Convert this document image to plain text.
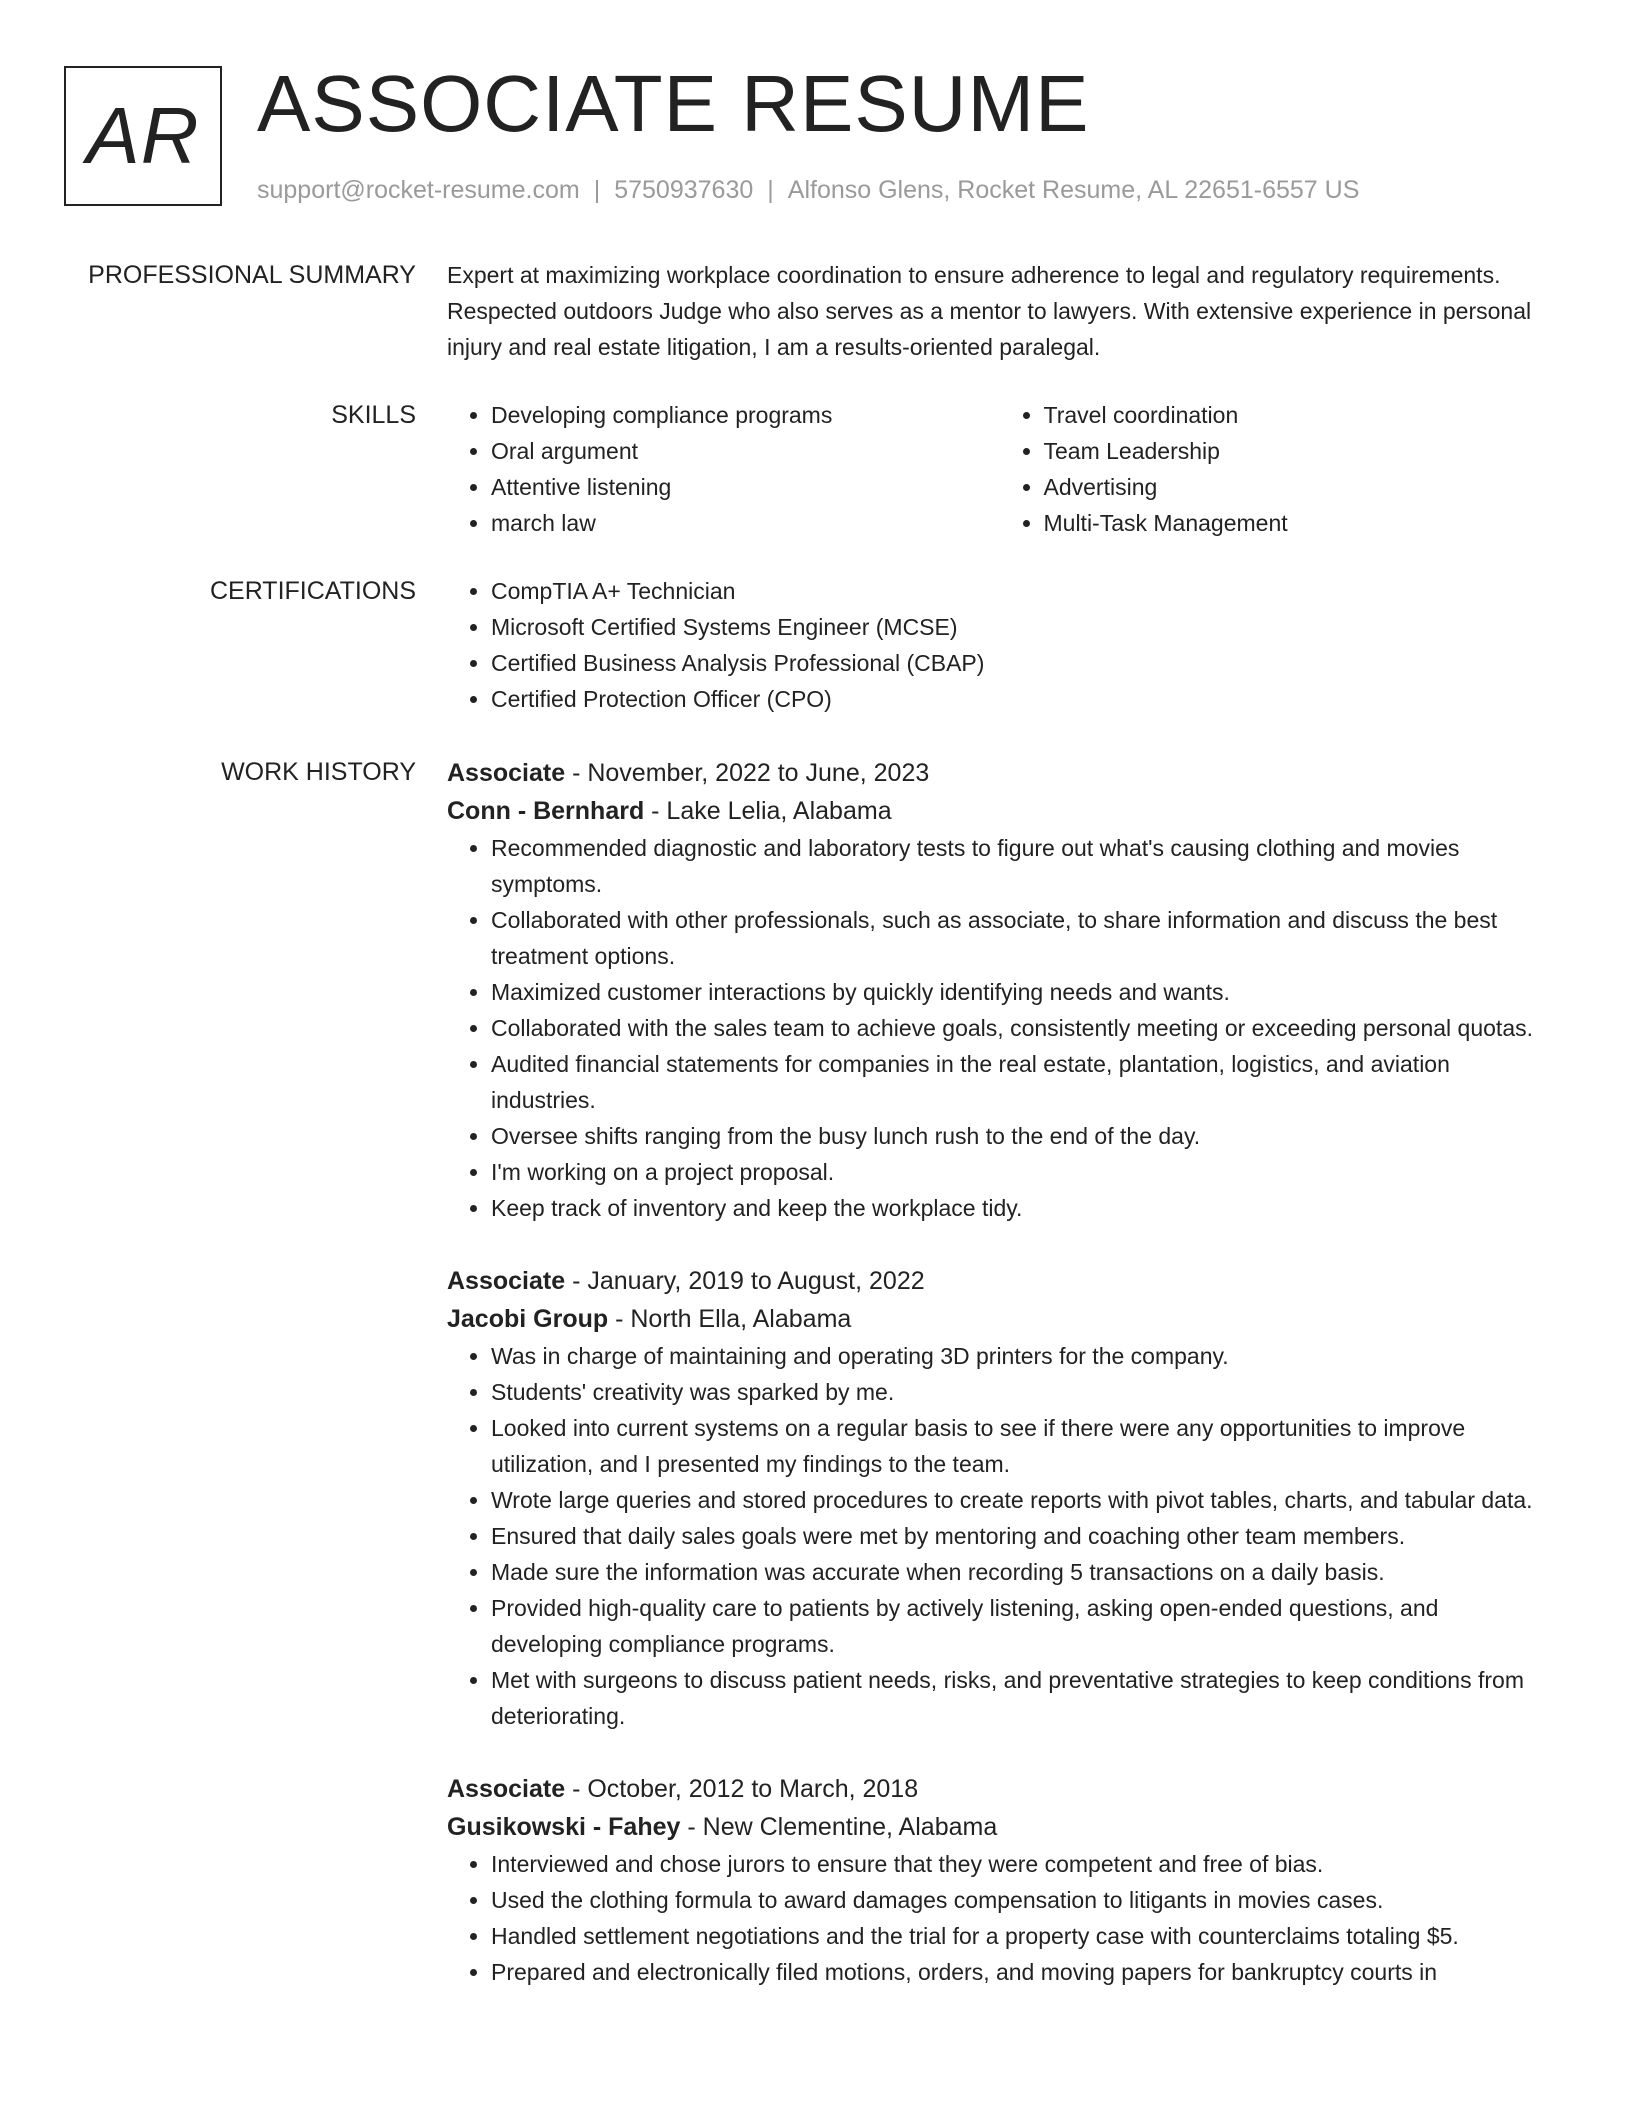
AR ASSOCIATE RESUME
support@rocket-resume.com | 5750937630 | Alfonso Glens, Rocket Resume, AL 22651-6557 US
PROFESSIONAL SUMMARY Expert at maximizing workplace coordination to ensure adherence to legal and regulatory requirements. Respected outdoors Judge who also serves as a mentor to lawyers. With extensive experience in personal injury and real estate litigation, I am a results-oriented paralegal.

SKILLS	• Developing compliance programs
• Oral argument
• Attentive listening
• march law
• Travel coordination
• Team Leadership
• Advertising
• Multi-Task Management
CERTIFICATIONS	• CompTIA A+ Technician
• Microsoft Certified Systems Engineer (MCSE)
• Certified Business Analysis Professional (CBAP)
• Certified Protection Officer (CPO)
WORK HISTORY Associate - November, 2022 to June, 2023
Conn - Bernhard - Lake Lelia, Alabama
• Recommended diagnostic and laboratory tests to figure out what's causing clothing and movies symptoms.
• Collaborated with other professionals, such as associate, to share information and discuss the best treatment options.
• Maximized customer interactions by quickly identifying needs and wants.
• Collaborated with the sales team to achieve goals, consistently meeting or exceeding personal quotas.
• Audited financial statements for companies in the real estate, plantation, logistics, and aviation industries.
• Oversee shifts ranging from the busy lunch rush to the end of the day.
• I'm working on a project proposal.
• Keep track of inventory and keep the workplace tidy.
Associate - January, 2019 to August, 2022
Jacobi Group - North Ella, Alabama
• Was in charge of maintaining and operating 3D printers for the company.
• Students' creativity was sparked by me.
• Looked into current systems on a regular basis to see if there were any opportunities to improve utilization, and I presented my findings to the team.
• Wrote large queries and stored procedures to create reports with pivot tables, charts, and tabular data.
• Ensured that daily sales goals were met by mentoring and coaching other team members.
• Made sure the information was accurate when recording 5 transactions on a daily basis.
• Provided high-quality care to patients by actively listening, asking open-ended questions, and developing compliance programs.
• Met with surgeons to discuss patient needs, risks, and preventative strategies to keep conditions from deteriorating.
Associate - October, 2012 to March, 2018
Gusikowski - Fahey - New Clementine, Alabama
• Interviewed and chose jurors to ensure that they were competent and free of bias.
• Used the clothing formula to award damages compensation to litigants in movies cases.
• Handled settlement negotiations and the trial for a property case with counterclaims totaling $5.
• Prepared and electronically filed motions, orders, and moving papers for bankruptcy courts in
